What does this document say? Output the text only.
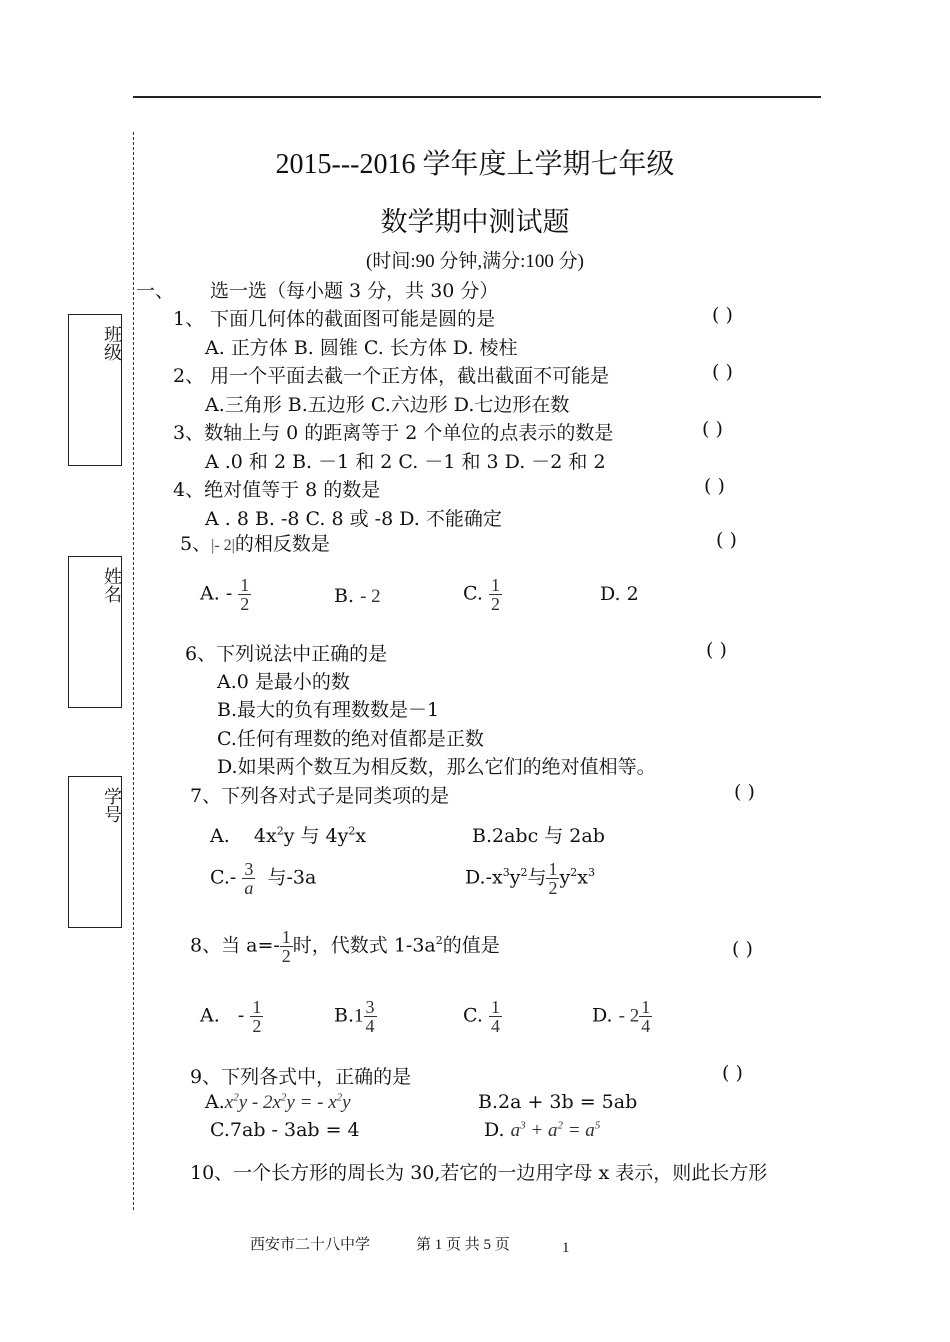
班级
姓名
学号
2015---2016 学年度上学期七年级
数学期中测试题
(时间:90 分钟,满分:100 分)
一、 选一选（每小题 3 分，共 30 分）
1、 下面几何体的截面图可能是圆的是	( )
A. 正方体 B. 圆锥 C. 长方体 D. 棱柱
2、 用一个平面去截一个正方体，截出截面不可能是	( )
A.三角形 B.五边形 C.六边形 D.七边形在数
3、数轴上与 0 的距离等于 2 个单位的点表示的数是	( )
A .0 和 2 B. －1 和 2 C. －1 和 3 D. －2 和 2
4、绝对值等于 8 的数是	( )
A . 8 B. -8 C. 8 或 -8 D. 不能确定
5、|- 2|的相反数是	( )
A. - $\frac{1}{2}$	B. - 2	C. $\frac{1}{2}$	D. 2
6、下列说法中正确的是	( )
A.0 是最小的数
B.最大的负有理数数是－1
C.任何有理数的绝对值都是正数
D.如果两个数互为相反数，那么它们的绝对值相等。
7、下列各对式子是同类项的是	( )
A.    $4x^2y$ 与 $4y^2x$	B.2abc 与 2ab
$C.- \frac{3}{a}$ 与-3a	$D.-x^3y^2$与 $\frac{1}{2} y^2x^3$
8、当 $a=- \frac{1}{2}$ 时，代数式 $1-3a^2$的值是	( )
A. - $\frac{1}{2}$	$B.1 \frac{3}{4}$	C. $\frac{1}{4}$	D. - $2 \frac{1}{4}$
9、下列各式中，正确的是	( )
$A.x^2y - 2x^2y$ = - $x^2y$	B.2a + 3b = 5ab
C.7ab - 3ab = 4	D. $a^3 + a^2 = a^5$
10、一个长方形的周长为 30,若它的一边用字母 x 表示，则此长方形
西安市二十八中学	第 1 页 共 5 页	1
